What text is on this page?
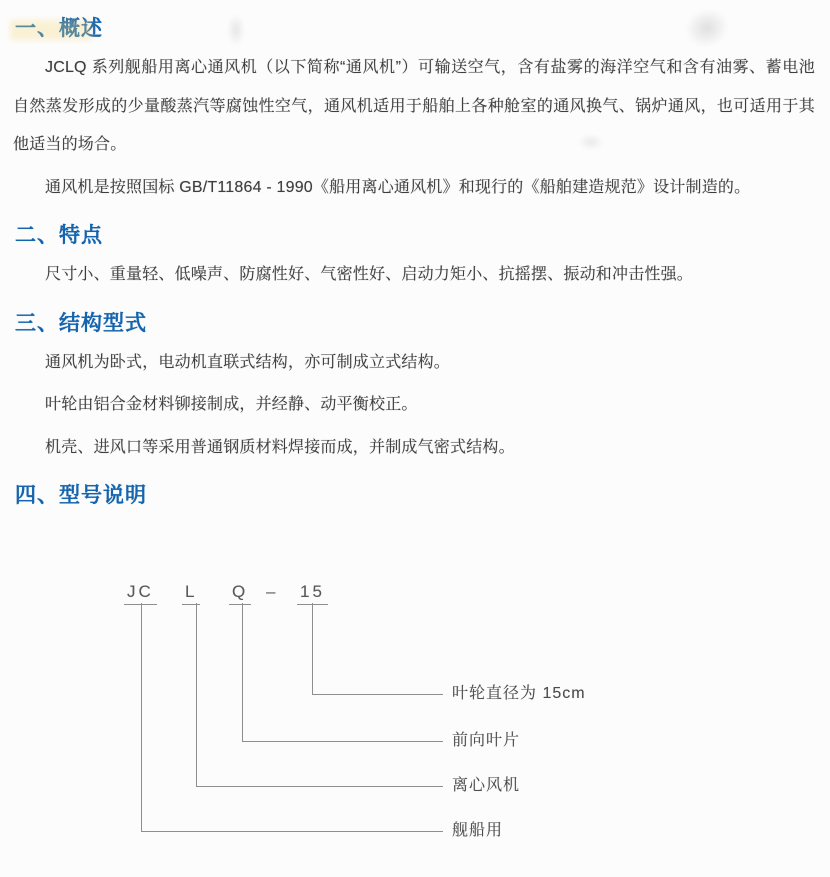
一、概述

JCLQ 系列舰船用离心通风机（以下简称“通风机”）可输送空气，含有盐雾的海洋空气和含有油雾、蓄电池自然蒸发形成的少量酸蒸汽等腐蚀性空气，通风机适用于船舶上各种舱室的通风换气、锅炉通风，也可适用于其他适当的场合。

通风机是按照国标 GB/T11864 - 1990《船用离心通风机》和现行的《船舶建造规范》设计制造的。

二、特点

尺寸小、重量轻、低噪声、防腐性好、气密性好、启动力矩小、抗摇摆、振动和冲击性强。

三、结构型式

通风机为卧式，电动机直联式结构，亦可制成立式结构。

叶轮由铝合金材料铆接制成，并经静、动平衡校正。

机壳、进风口等采用普通钢质材料焊接而成，并制成气密式结构。

四、型号说明
JC L Q – 15
叶轮直径为 15cm
前向叶片
离心风机
舰船用
